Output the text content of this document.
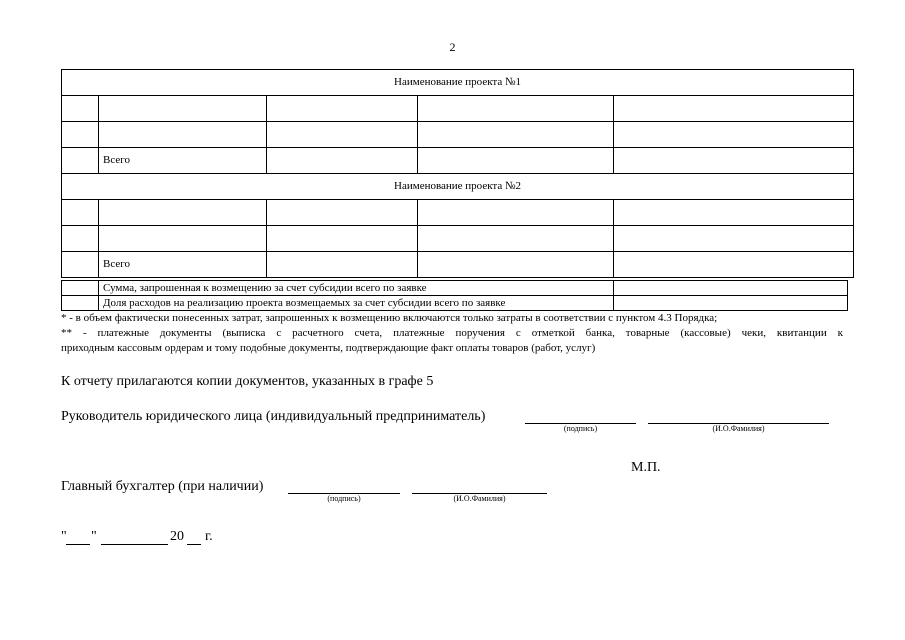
2
Наименование проекта №1				

	Всего			
Наименование проекта №2				

	Всего			
	Сумма, запрошенная к возмещению за счет субсидии всего по заявке	
	Доля расходов на реализацию проекта возмещаемых за счет субсидии всего по заявке	
* - в объем фактически понесенных затрат, запрошенных к возмещению включаются только затраты в соответствии с пунктом 4.3 Порядка;
** - платежные документы (выписка с расчетного счета, платежные поручения с отметкой банка, товарные (кассовые) чеки, квитанции к
приходным кассовым ордерам и тому подобные документы, подтверждающие факт оплаты товаров (работ, услуг)
К отчету прилагаются копии документов, указанных в графе 5
Руководитель юридического лица (индивидуальный предприниматель)
(подпись)	(И.О.Фамилия)
М.П.
Главный бухгалтер (при наличии)
(подпись)	(И.О.Фамилия)
" "	20 г.
